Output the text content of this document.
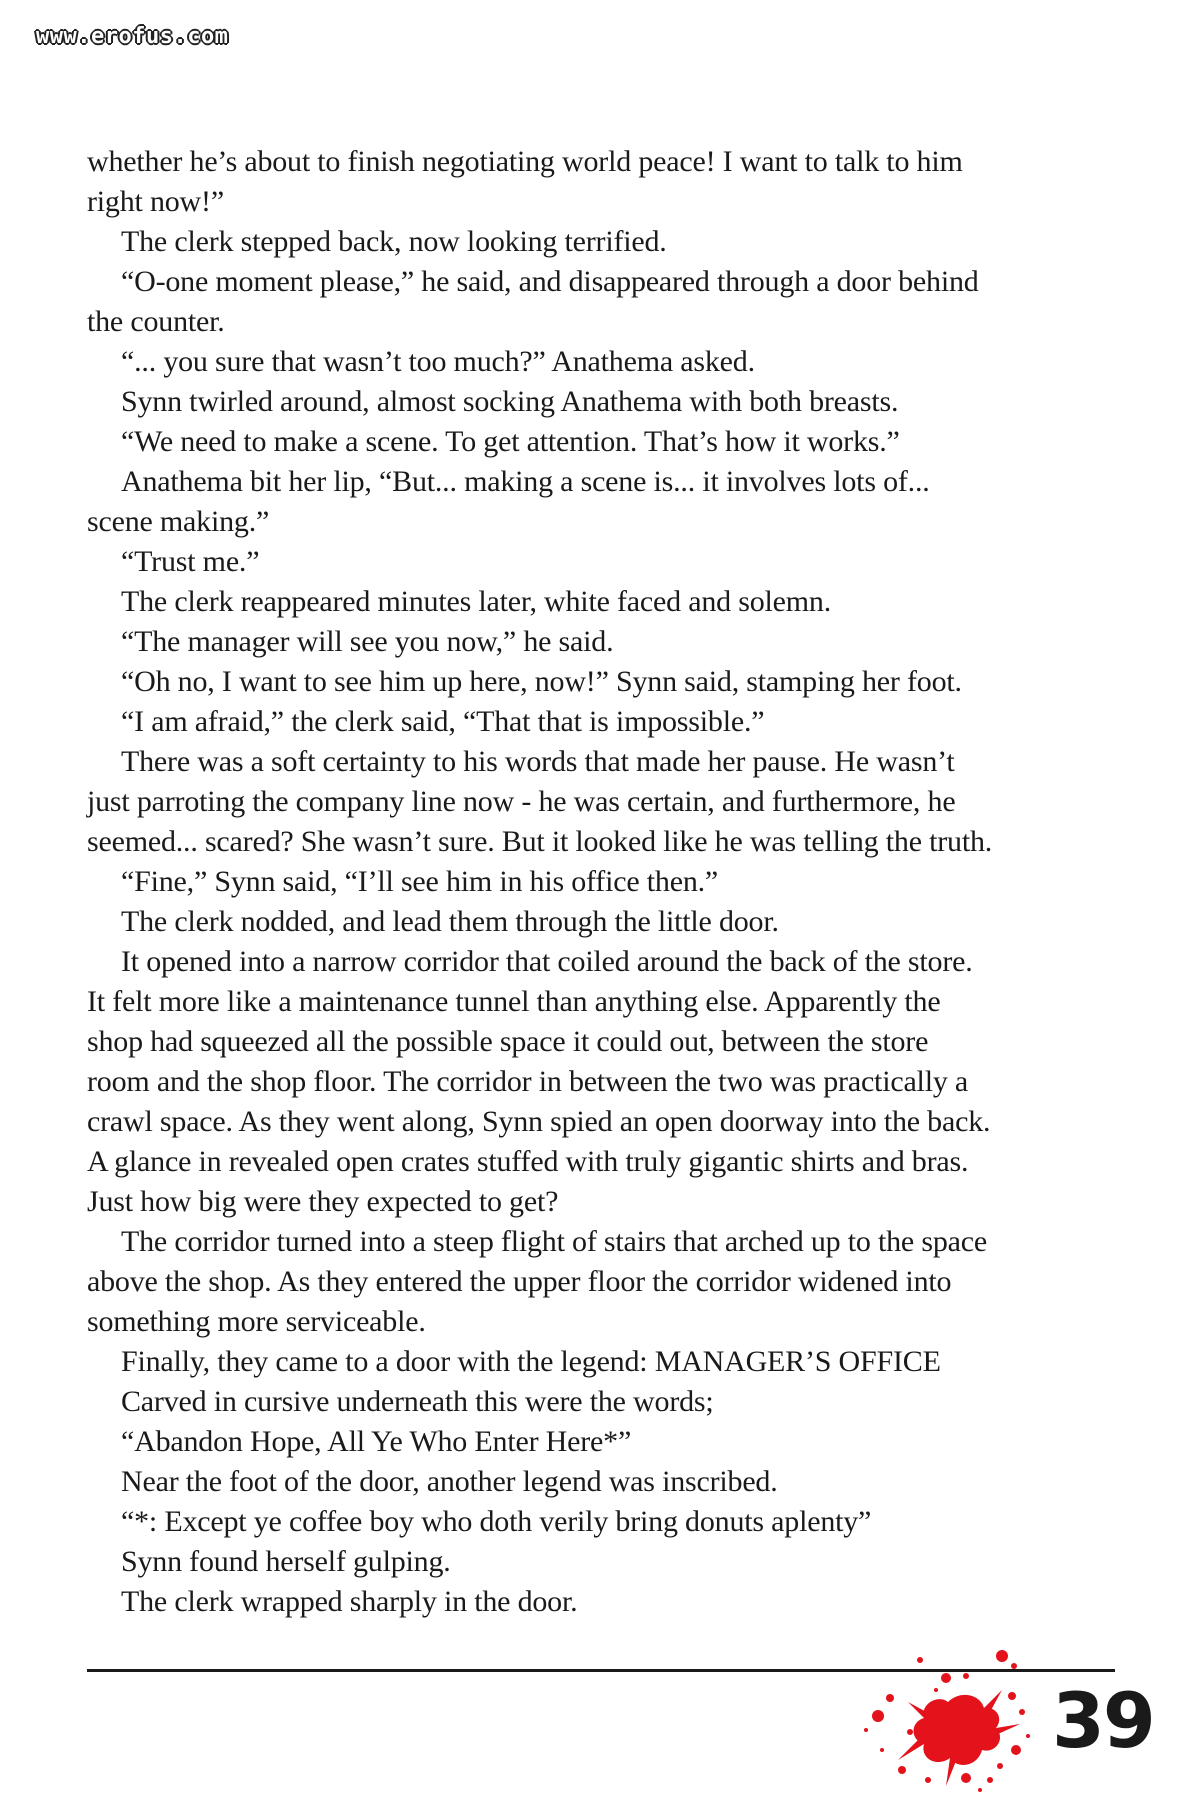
www.erofus.com
whether he’s about to finish negotiating world peace! I want to talk to him
right now!”
The clerk stepped back, now looking terrified.
“O-one moment please,” he said, and disappeared through a door behind
the counter.
“... you sure that wasn’t too much?” Anathema asked.
Synn twirled around, almost socking Anathema with both breasts.
“We need to make a scene. To get attention. That’s how it works.”
Anathema bit her lip, “But... making a scene is... it involves lots of...
scene making.”
“Trust me.”
The clerk reappeared minutes later, white faced and solemn.
“The manager will see you now,” he said.
“Oh no, I want to see him up here, now!” Synn said, stamping her foot.
“I am afraid,” the clerk said, “That that is impossible.”
There was a soft certainty to his words that made her pause. He wasn’t
just parroting the company line now - he was certain, and furthermore, he
seemed... scared? She wasn’t sure. But it looked like he was telling the truth.
“Fine,” Synn said, “I’ll see him in his office then.”
The clerk nodded, and lead them through the little door.
It opened into a narrow corridor that coiled around the back of the store.
It felt more like a maintenance tunnel than anything else. Apparently the
shop had squeezed all the possible space it could out, between the store
room and the shop floor. The corridor in between the two was practically a
crawl space. As they went along, Synn spied an open doorway into the back.
A glance in revealed open crates stuffed with truly gigantic shirts and bras.
Just how big were they expected to get?
The corridor turned into a steep flight of stairs that arched up to the space
above the shop. As they entered the upper floor the corridor widened into
something more serviceable.
Finally, they came to a door with the legend: MANAGER’S OFFICE
Carved in cursive underneath this were the words;
“Abandon Hope, All Ye Who Enter Here*”
Near the foot of the door, another legend was inscribed.
“*: Except ye coffee boy who doth verily bring donuts aplenty”
Synn found herself gulping.
The clerk wrapped sharply in the door.
39
